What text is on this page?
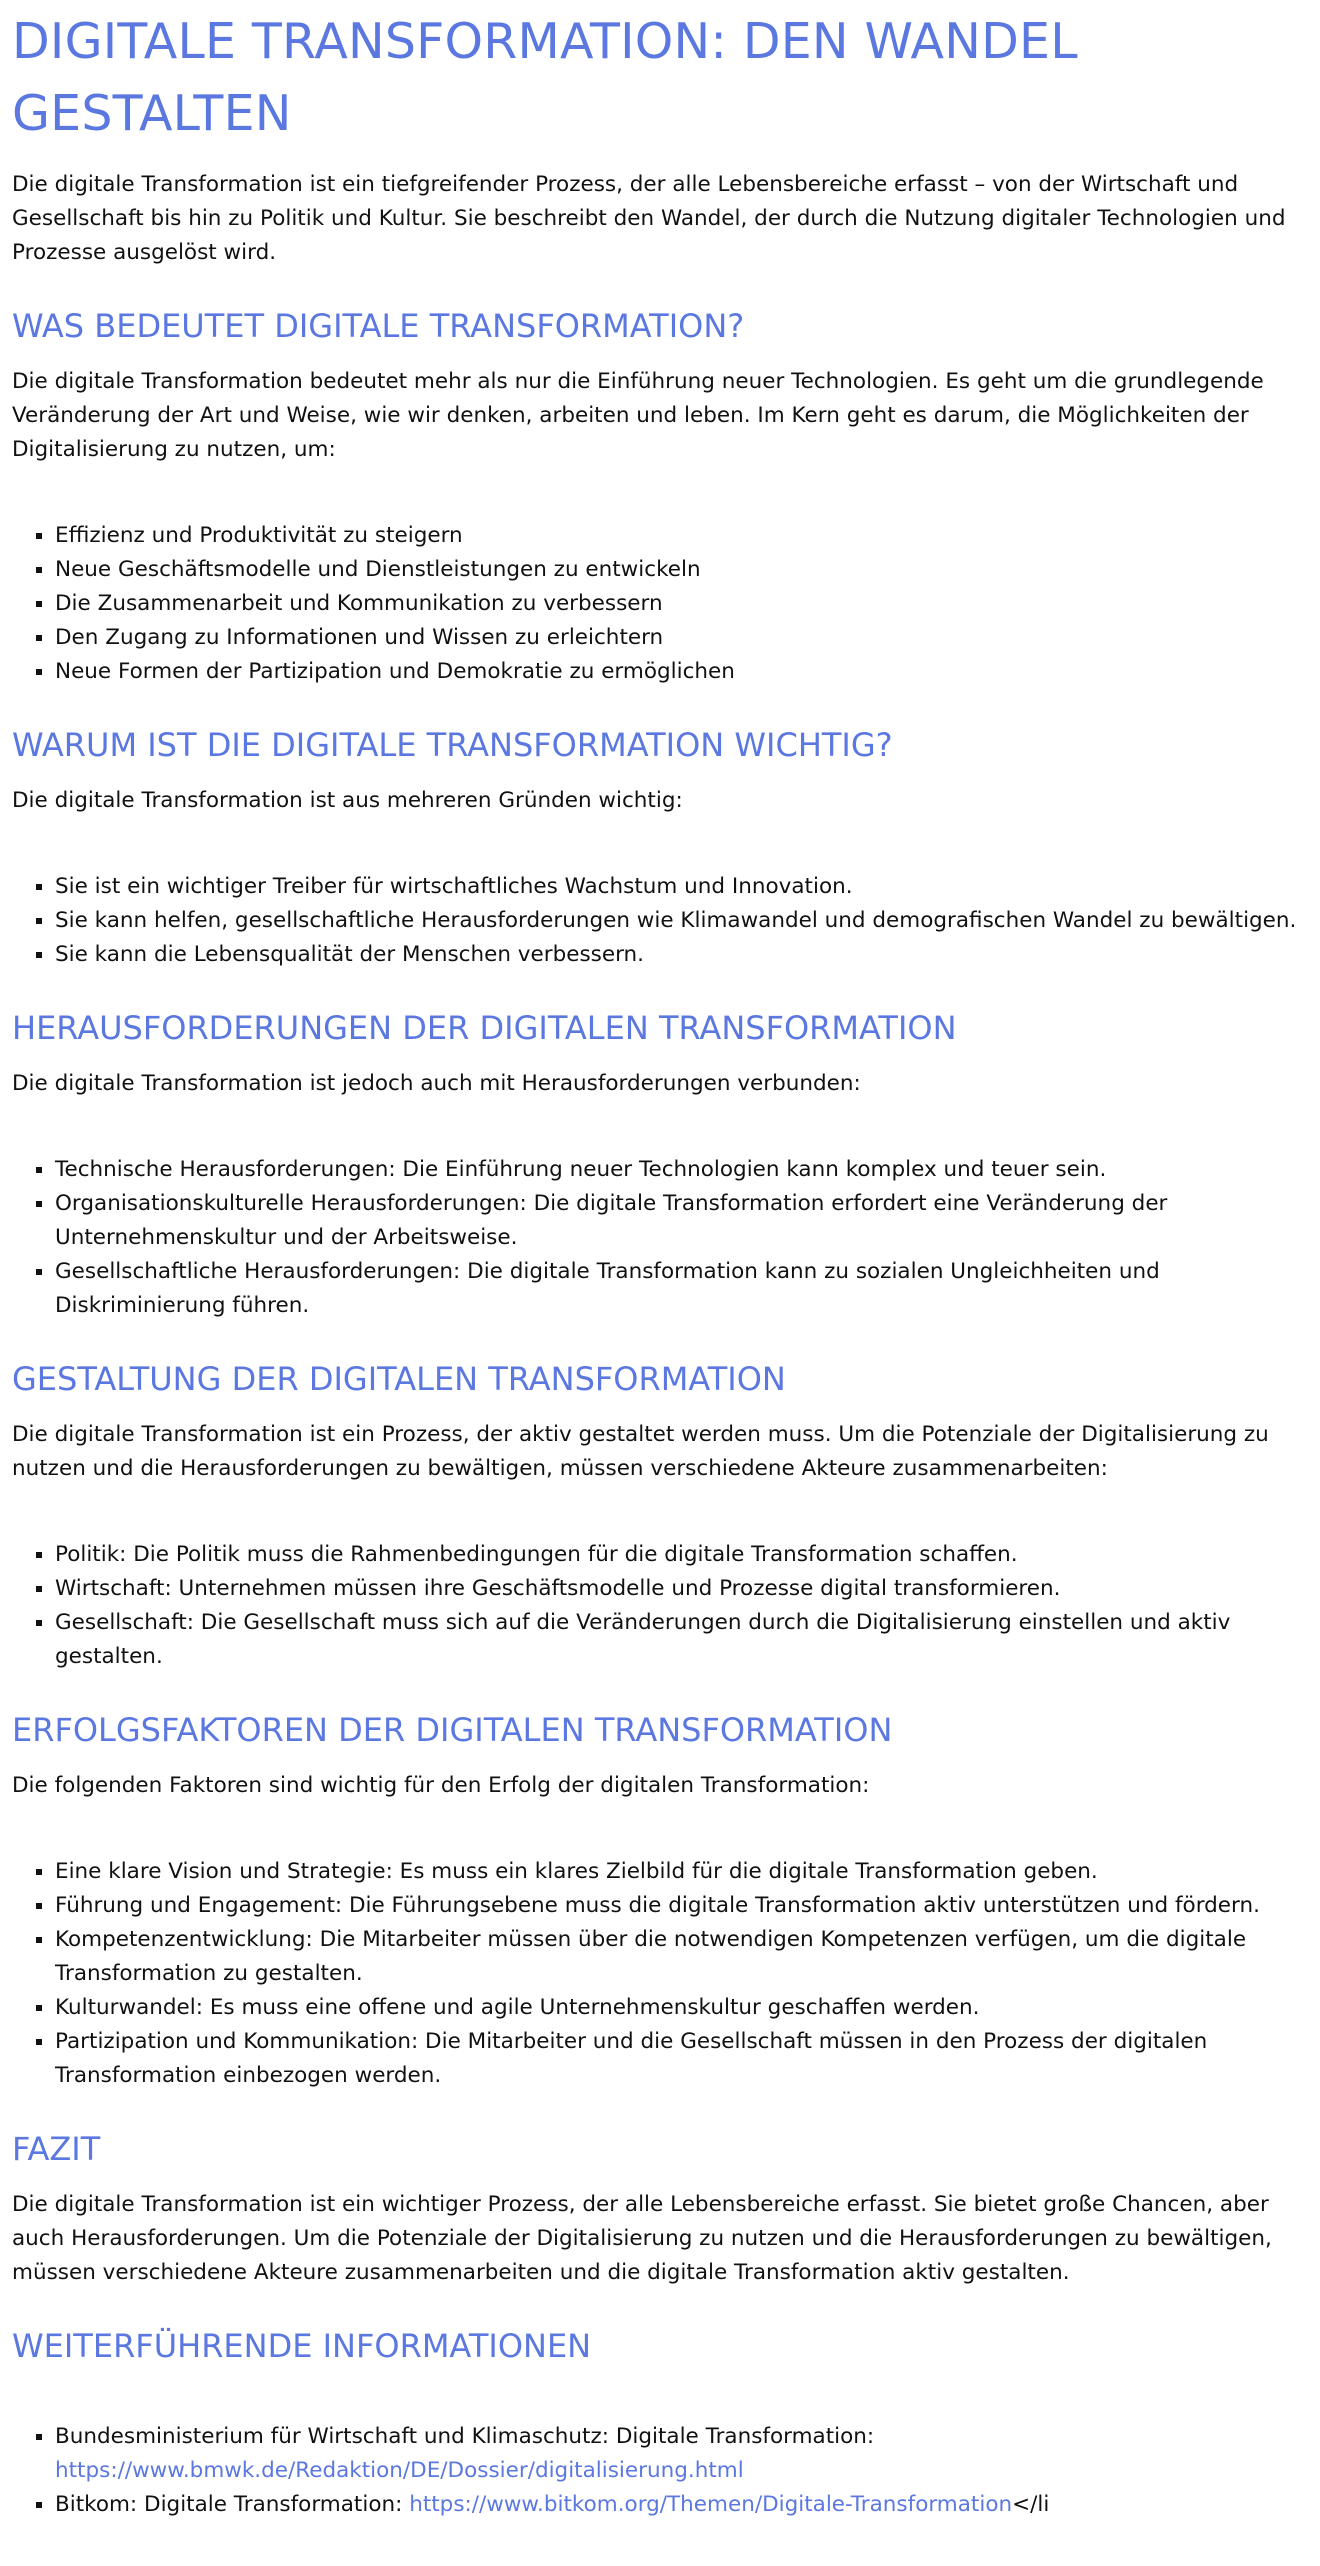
DIGITALE TRANSFORMATION: DEN WANDEL GESTALTEN

Die digitale Transformation ist ein tiefgreifender Prozess, der alle Lebensbereiche erfasst – von der Wirtschaft und Gesellschaft bis hin zu Politik und Kultur. Sie beschreibt den Wandel, der durch die Nutzung digitaler Technologien und Prozesse ausgelöst wird.

WAS BEDEUTET DIGITALE TRANSFORMATION?

Die digitale Transformation bedeutet mehr als nur die Einführung neuer Technologien. Es geht um die grundlegende Veränderung der Art und Weise, wie wir denken, arbeiten und leben. Im Kern geht es darum, die Möglichkeiten der Digitalisierung zu nutzen, um:

▪ Effizienz und Produktivität zu steigern
▪ Neue Geschäftsmodelle und Dienstleistungen zu entwickeln
▪ Die Zusammenarbeit und Kommunikation zu verbessern
▪ Den Zugang zu Informationen und Wissen zu erleichtern
▪ Neue Formen der Partizipation und Demokratie zu ermöglichen
WARUM IST DIE DIGITALE TRANSFORMATION WICHTIG?

Die digitale Transformation ist aus mehreren Gründen wichtig:

▪ Sie ist ein wichtiger Treiber für wirtschaftliches Wachstum und Innovation.
▪ Sie kann helfen, gesellschaftliche Herausforderungen wie Klimawandel und demografischen Wandel zu bewältigen.
▪ Sie kann die Lebensqualität der Menschen verbessern.
HERAUSFORDERUNGEN DER DIGITALEN TRANSFORMATION

Die digitale Transformation ist jedoch auch mit Herausforderungen verbunden:

▪ Technische Herausforderungen: Die Einführung neuer Technologien kann komplex und teuer sein.
▪ Organisationskulturelle Herausforderungen: Die digitale Transformation erfordert eine Veränderung der Unternehmenskultur und der Arbeitsweise.
▪ Gesellschaftliche Herausforderungen: Die digitale Transformation kann zu sozialen Ungleichheiten und Diskriminierung führen.
GESTALTUNG DER DIGITALEN TRANSFORMATION

Die digitale Transformation ist ein Prozess, der aktiv gestaltet werden muss. Um die Potenziale der Digitalisierung zu nutzen und die Herausforderungen zu bewältigen, müssen verschiedene Akteure zusammenarbeiten:

▪ Politik: Die Politik muss die Rahmenbedingungen für die digitale Transformation schaffen.
▪ Wirtschaft: Unternehmen müssen ihre Geschäftsmodelle und Prozesse digital transformieren.
▪ Gesellschaft: Die Gesellschaft muss sich auf die Veränderungen durch die Digitalisierung einstellen und aktiv gestalten.
ERFOLGSFAKTOREN DER DIGITALEN TRANSFORMATION

Die folgenden Faktoren sind wichtig für den Erfolg der digitalen Transformation:

▪ Eine klare Vision und Strategie: Es muss ein klares Zielbild für die digitale Transformation geben.
▪ Führung und Engagement: Die Führungsebene muss die digitale Transformation aktiv unterstützen und fördern.
▪ Kompetenzentwicklung: Die Mitarbeiter müssen über die notwendigen Kompetenzen verfügen, um die digitale Transformation zu gestalten.
▪ Kulturwandel: Es muss eine offene und agile Unternehmenskultur geschaffen werden.
▪ Partizipation und Kommunikation: Die Mitarbeiter und die Gesellschaft müssen in den Prozess der digitalen Transformation einbezogen werden.
FAZIT

Die digitale Transformation ist ein wichtiger Prozess, der alle Lebensbereiche erfasst. Sie bietet große Chancen, aber auch Herausforderungen. Um die Potenziale der Digitalisierung zu nutzen und die Herausforderungen zu bewältigen, müssen verschiedene Akteure zusammenarbeiten und die digitale Transformation aktiv gestalten.

WEITERFÜHRENDE INFORMATIONEN
▪ Bundesministerium für Wirtschaft und Klimaschutz: Digitale Transformation: https://www.bmwk.de/Redaktion/DE/Dossier/digitalisierung.html
▪ Bitkom: Digitale Transformation: https://www.bitkom.org/Themen/Digitale-Transformation</li
